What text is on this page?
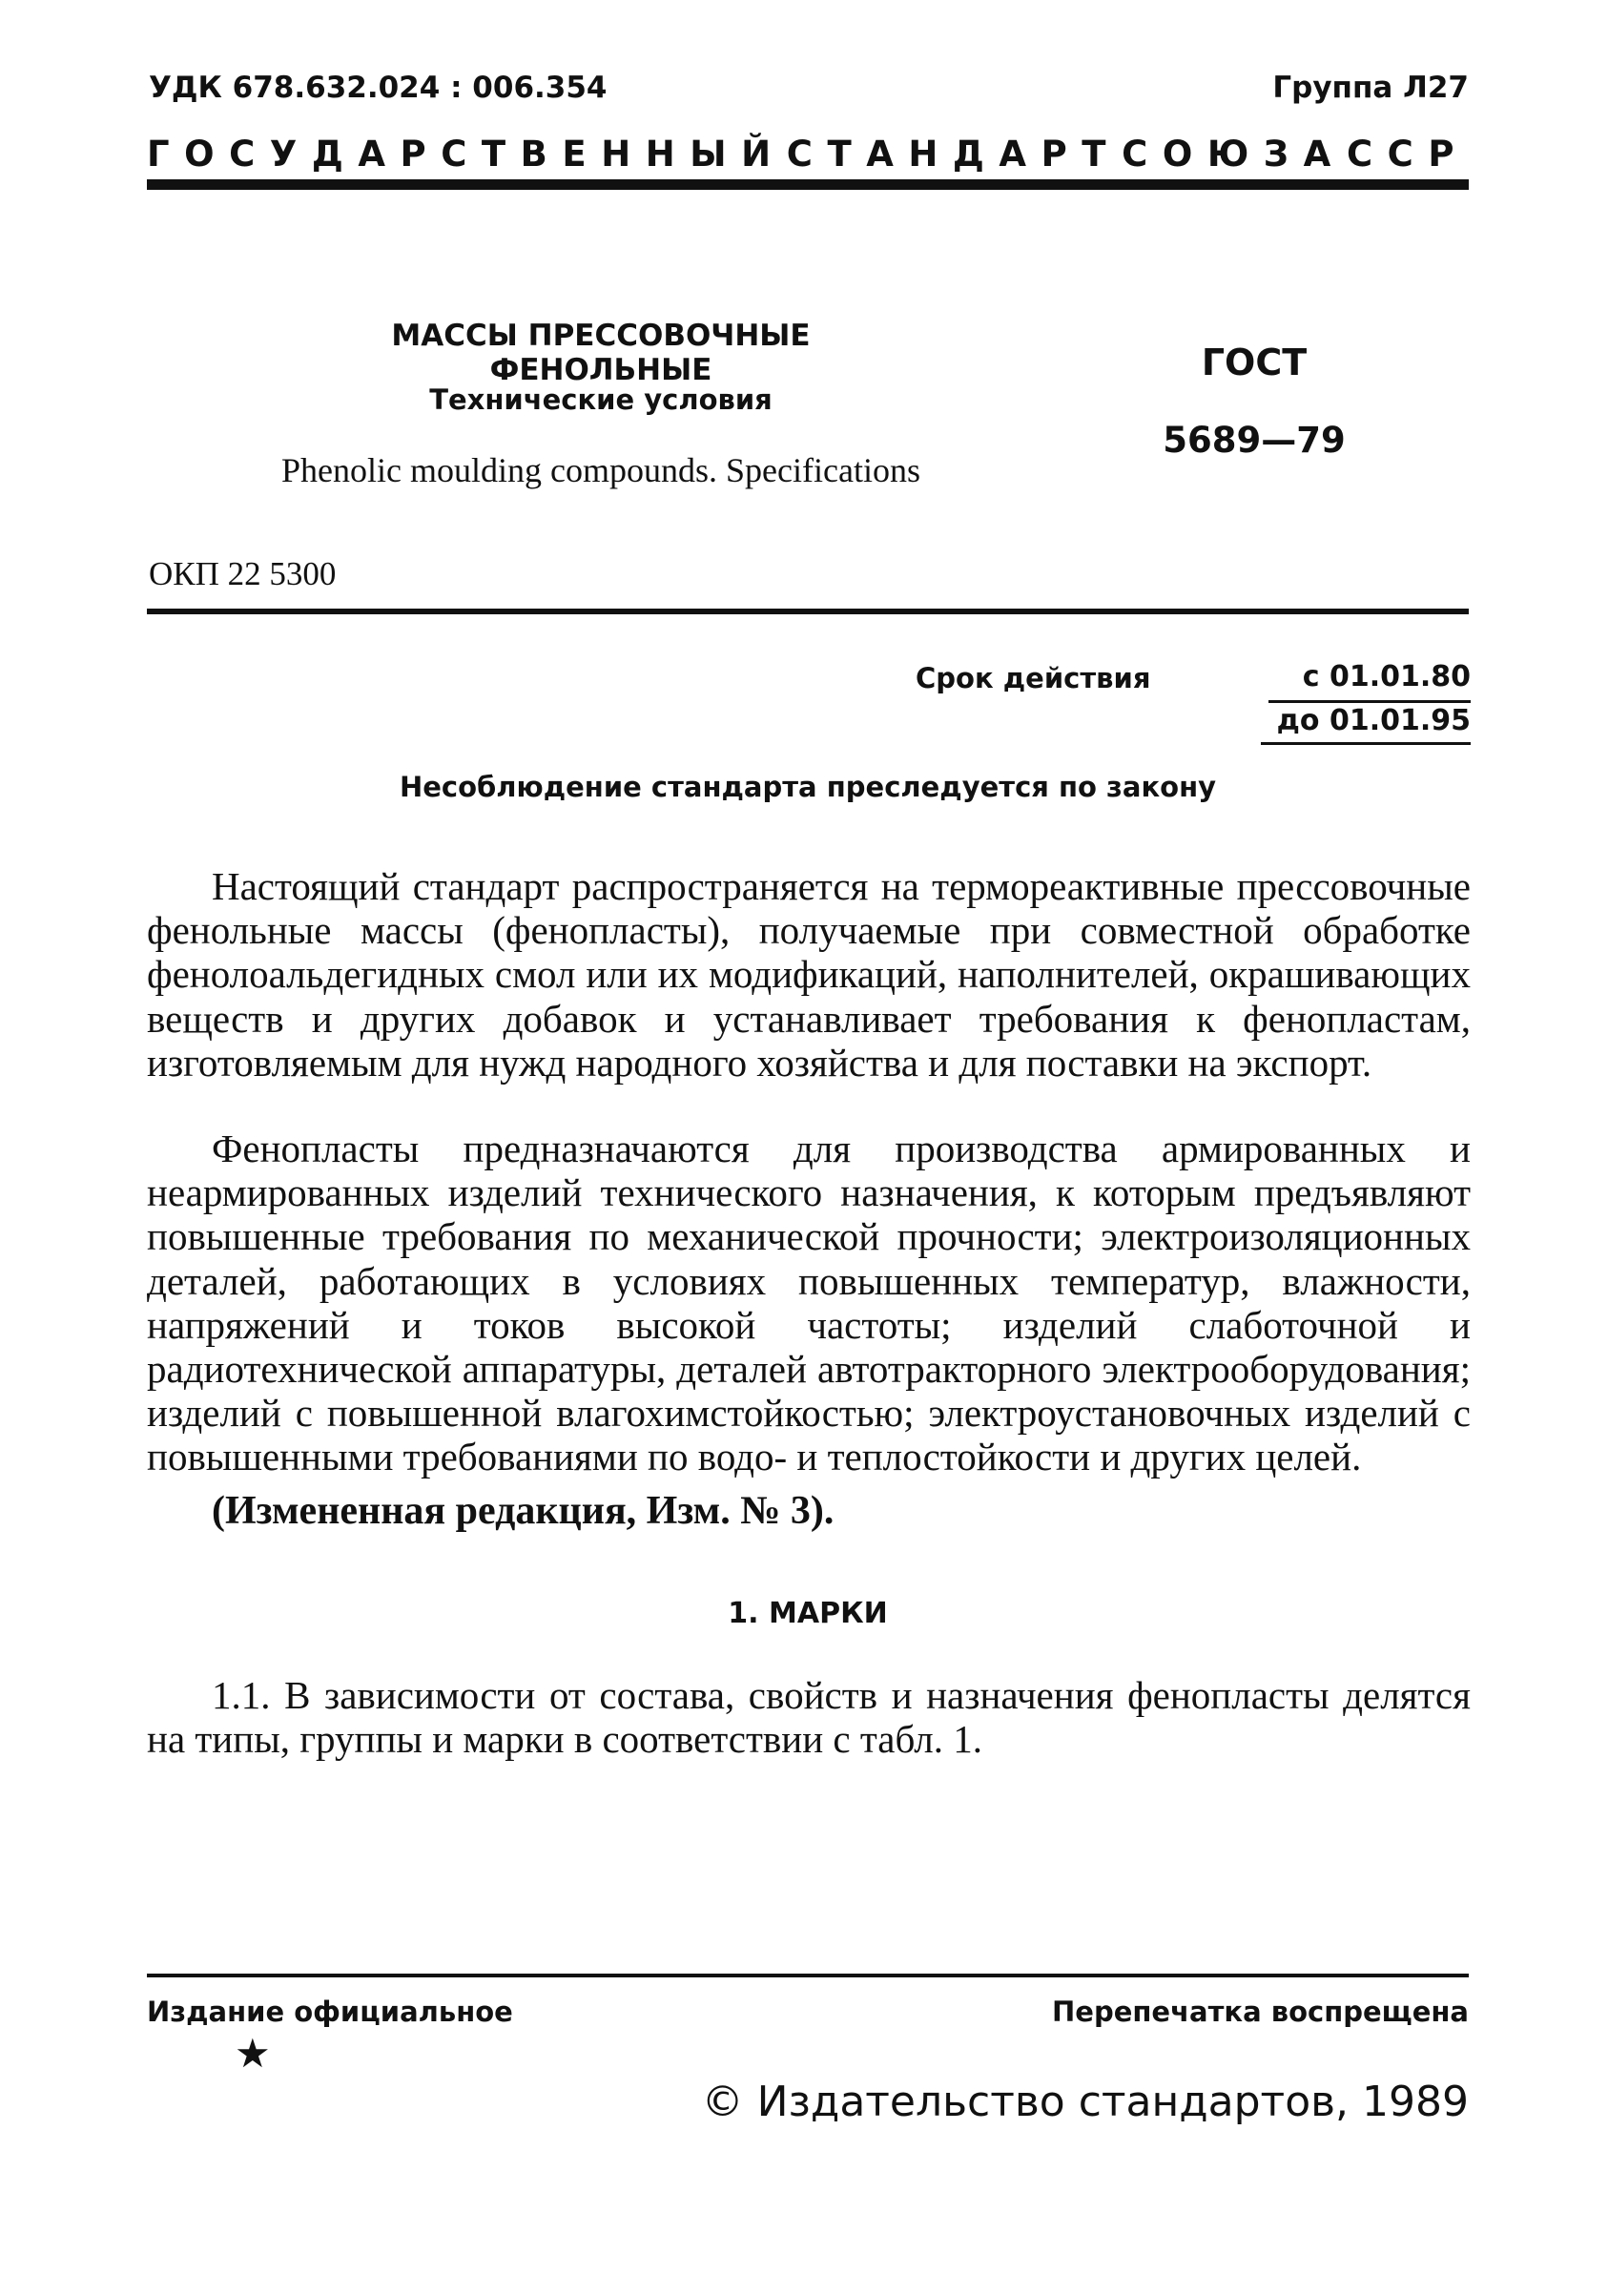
УДК 678.632.024 : 006.354	Группа Л27
ГОСУДАРСТВЕННЫЙ СТАНДАРТ СОЮЗА ССР
МАССЫ ПРЕССОВОЧНЫЕ ФЕНОЛЬНЫЕ
Технические условия
Phenolic moulding compounds. Specifications
ГОСТ
5689—79
ОКП 22 5300
Срок действия	с 01.01.80
до 01.01.95
Несоблюдение стандарта преследуется по закону
Настоящий стандарт распространяется на термореактивные прессовочные фенольные массы (фенопласты), получаемые при совместной обработке фенолоальдегидных смол или их модификаций, наполнителей, окрашивающих веществ и других добавок и устанавливает требования к фенопластам, изготовляемым для нужд народного хозяйства и для поставки на экспорт.
Фенопласты предназначаются для производства армированных и неармированных изделий технического назначения, к которым предъявляют повышенные требования по механической прочности; электроизоляционных деталей, работающих в условиях повышенных температур, влажности, напряжений и токов высокой частоты; изделий слаботочной и радиотехнической аппаратуры, деталей автотракторного электрооборудования; изделий с повышенной влагохимстойкостью; электроустановочных изделий с повышенными требованиями по водо- и теплостойкости и других целей.
(Измененная редакция, Изм. № 3).
1. МАРКИ
1.1. В зависимости от состава, свойств и назначения фенопласты делятся на типы, группы и марки в соответствии с табл. 1.
Издание официальное	Перепечатка воспрещена
★
© Издательство стандартов, 1989
